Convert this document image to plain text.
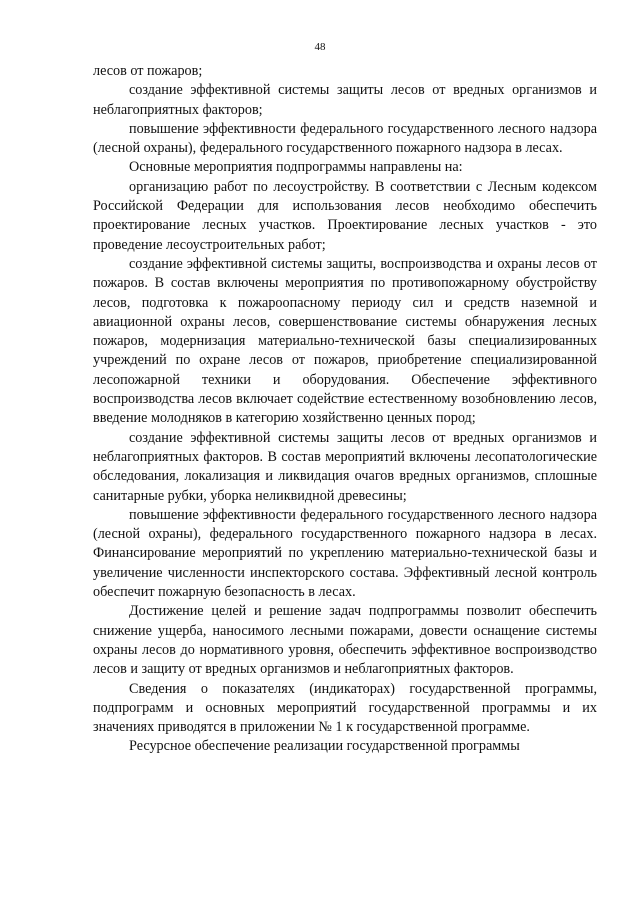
48

лесов от пожаров;

создание эффективной системы защиты лесов от вредных организмов и неблагоприятных факторов;

повышение эффективности федерального государственного лесного надзора (лесной охраны), федерального государственного пожарного надзора в лесах.

Основные мероприятия подпрограммы направлены на:

организацию работ по лесоустройству. В соответствии с Лесным кодексом Российской Федерации для использования лесов необходимо обеспечить проектирование лесных участков. Проектирование лесных участков - это проведение лесоустроительных работ;

создание эффективной системы защиты, воспроизводства и охраны лесов от пожаров. В состав включены мероприятия по противопожарному обустройству лесов, подготовка к пожароопасному периоду сил и средств наземной и авиационной охраны лесов, совершенствование системы обнаружения лесных пожаров, модернизация материально-технической базы специализированных учреждений по охране лесов от пожаров, приобретение специализированной лесопожарной техники и оборудования. Обеспечение эффективного воспроизводства лесов включает содействие естественному возобновлению лесов, введение молодняков в категорию хозяйственно ценных пород;

создание эффективной системы защиты лесов от вредных организмов и неблагоприятных факторов. В состав мероприятий включены лесопатологические обследования, локализация и ликвидация очагов вредных организмов, сплошные санитарные рубки, уборка неликвидной древесины;

повышение эффективности федерального государственного лесного надзора (лесной охраны), федерального государственного пожарного надзора в лесах. Финансирование мероприятий по укреплению материально-технической базы и увеличение численности инспекторского состава. Эффективный лесной контроль обеспечит пожарную безопасность в лесах.

Достижение целей и решение задач подпрограммы позволит обеспечить снижение ущерба, наносимого лесными пожарами, довести оснащение системы охраны лесов до нормативного уровня, обеспечить эффективное воспроизводство лесов и защиту от вредных организмов и неблагоприятных факторов.

Сведения о показателях (индикаторах) государственной программы, подпрограмм и основных мероприятий государственной программы и их значениях приводятся в приложении № 1 к государственной программе.

Ресурсное обеспечение реализации государственной программы
